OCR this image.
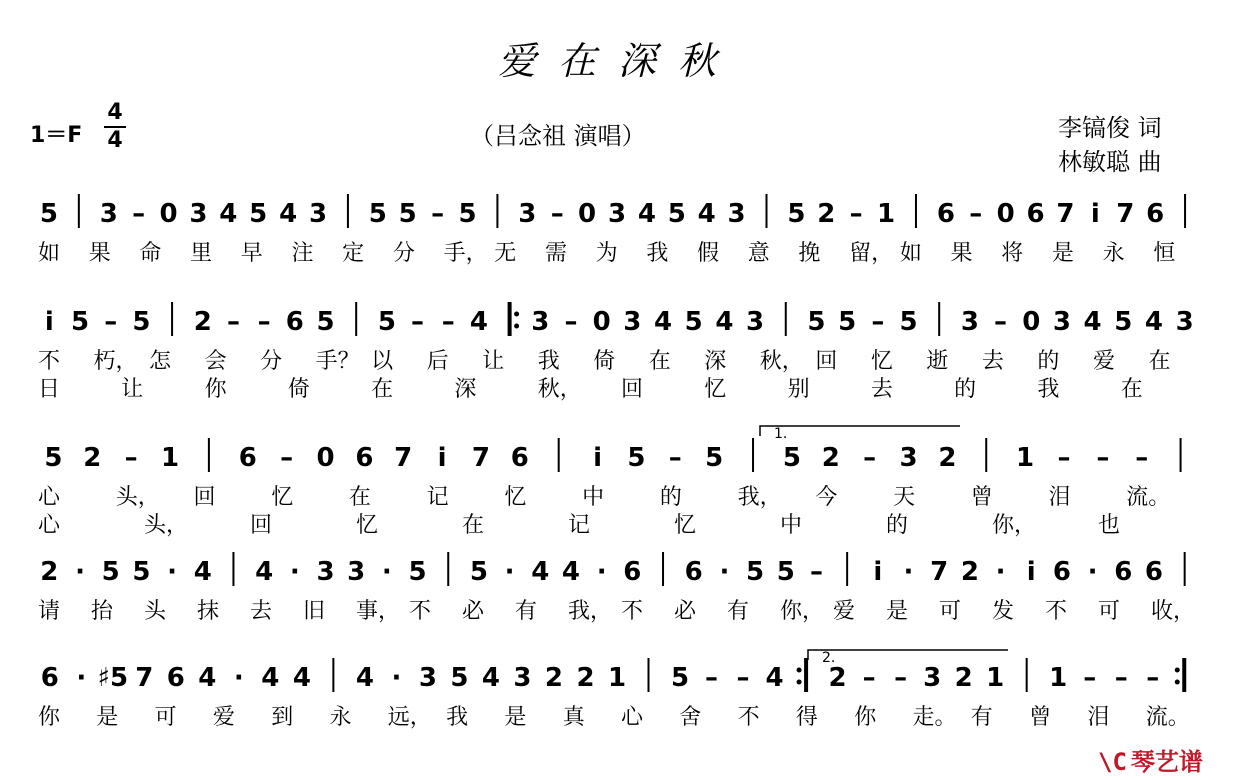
爱在深秋
1＝F
4
4	（吕念祖 演唱）	李镐俊 词
林敏聪 曲
5 3 – 0 3 4 5 4 3 5 5 – 5 3 – 0 3 4 5 4 3 5 2 – 1 6 – 0 6 7 i 7 6
如 果 命 里 早 注 定 分 手， 无 需 为 我 假 意 挽 留， 如 果 将 是 永 恒
i 5 – 5 2 – – 6 5 5 – – 4 3 – 0 3 4 5 4 3 5 5 – 5 3 – 0 3 4 5 4 3
不 朽， 怎 会 分 手？ 以 后 让 我 倚 在 深 秋， 回 忆 逝 去 的 爱 在
日	让	你	倚	在	深	秋， 回	忆	别	去	的	我	在
5 2 – 1 6 – 0 6 7 i 7 6 i 5 – 5 5 2 – 3 2 1 – – –
1.
心	头， 回	忆	在	记	忆	中	的	我， 今	天	曾	泪	流。
心	头，	回	忆	在	记	忆	中	的	你，	也
2 · 5 5 · 4 4 · 3 3 · 5 5 · 4 4 · 6 6 · 5 5 – i · 7 2 · i 6 · 6 6
请 抬 头 抹 去 旧 事， 不 必 有 我， 不 必 有 你， 爱 是 可 发 不 可 收，
6 · ♯5 7 6 4 · 4 4 4 · 3 5 4 3 2 2 1 5 – – 4 2 – – 3 2 1 1 – – –
2.
你 是 可 爱 到 永 远， 我 是 真 心 舍 不 得 你 走。 有 曾 泪 流。
\C 琴艺谱
